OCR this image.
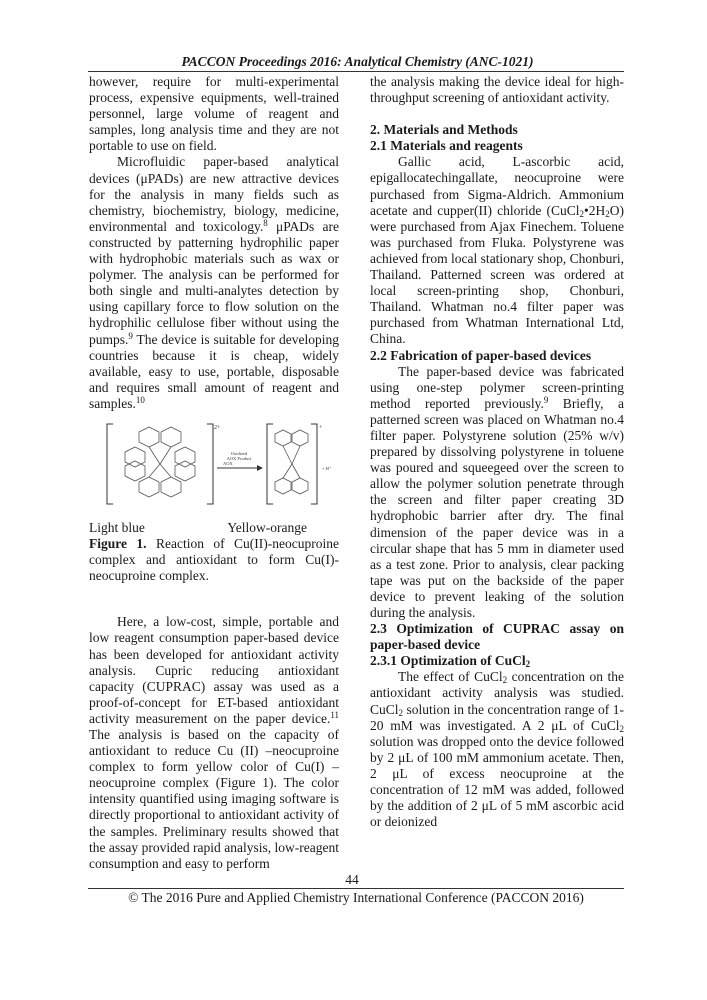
PACCON Proceedings 2016: Analytical Chemistry (ANC-1021)

however, require for multi-experimental process, expensive equipments, well-trained personnel, large volume of reagent and samples, long analysis time and they are not portable to use on field.

Microfluidic paper-based analytical devices (μPADs) are new attractive devices for the analysis in many fields such as chemistry, biochemistry, biology, medicine, environmental and toxicology.$^8$ μPADs are constructed by patterning hydrophilic paper with hydrophobic materials such as wax or polymer. The analysis can be performed for both single and multi-analytes detection by using capillary force to flow solution on the hydrophilic cellulose fiber without using the pumps.$^9$ The device is suitable for developing countries because it is cheap, widely available, easy to use, portable, disposable and requires small amount of reagent and samples.$^{10}$

2+
Oxidized
AOX Product
AOX
+
+ H⁺
Light blue	Yellow-orange

Figure 1. Reaction of Cu(II)-neocuproine complex and antioxidant to form Cu(I)-neocuproine complex.

Here, a low-cost, simple, portable and low reagent consumption paper-based device has been developed for antioxidant activity analysis. Cupric reducing antioxidant capacity (CUPRAC) assay was used as a proof-of-concept for ET-based antioxidant activity measurement on the paper device.$^{11}$ The analysis is based on the capacity of antioxidant to reduce Cu (II) –neocuproine complex to form yellow color of Cu(I) – neocuproine complex (Figure 1). The color intensity quantified using imaging software is directly proportional to antioxidant activity of the samples. Preliminary results showed that the assay provided rapid analysis, low-reagent consumption and easy to perform

the analysis making the device ideal for high-throughput screening of antioxidant activity.

2. Materials and Methods

2.1 Materials and reagents

Gallic acid, L-ascorbic acid, epigallocatechingallate, neocuproine were purchased from Sigma-Aldrich. Ammonium acetate and cupper(II) chloride $(CuCl_2•2H_2O)$ were purchased from Ajax Finechem. Toluene was purchased from Fluka. Polystyrene was achieved from local stationary shop, Chonburi, Thailand. Patterned screen was ordered at local screen-printing shop, Chonburi, Thailand. Whatman no.4 filter paper was purchased from Whatman International Ltd, China.

2.2 Fabrication of paper-based devices

The paper-based device was fabricated using one-step polymer screen-printing method reported previously.$^9$ Briefly, a patterned screen was placed on Whatman no.4 filter paper. Polystyrene solution (25% w/v) prepared by dissolving polystyrene in toluene was poured and squeegeed over the screen to allow the polymer solution penetrate through the screen and filter paper creating 3D hydrophobic barrier after dry. The final dimension of the paper device was in a circular shape that has 5 mm in diameter used as a test zone. Prior to analysis, clear packing tape was put on the backside of the paper device to prevent leaking of the solution during the analysis.

2.3 Optimization of CUPRAC assay on paper-based device

2.3.1 Optimization of CuCl$_2$

The effect of CuCl$_2$ concentration on the antioxidant activity analysis was studied. CuCl$_2$ solution in the concentration range of 1-20 mM was investigated. A 2 μL of CuCl$_2$ solution was dropped onto the device followed by 2 μL of 100 mM ammonium acetate. Then, 2 μL of excess neocuproine at the concentration of 12 mM was added, followed by the addition of 2 μL of 5 mM ascorbic acid or deionized

44
© The 2016 Pure and Applied Chemistry International Conference (PACCON 2016)
